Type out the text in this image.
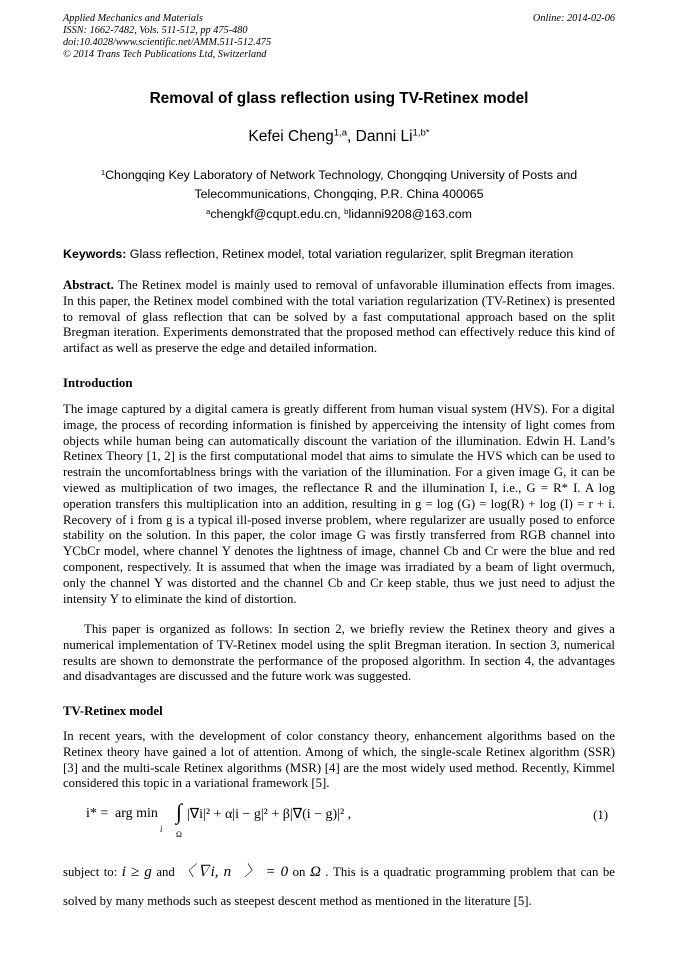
Applied Mechanics and Materials
ISSN: 1662-7482, Vols. 511-512, pp 475-480
doi:10.4028/www.scientific.net/AMM.511-512.475
© 2014 Trans Tech Publications Ltd, Switzerland
Online: 2014-02-06
Removal of glass reflection using TV-Retinex model
Kefei Cheng$^{1,a}$, Danni $Li^{1,b*}$
$^1$Chongqing Key Laboratory of Network Technology, Chongqing University of Posts and
Telecommunications, Chongqing, P.R. China 400065
$^a$chengkf@cqupt.edu.cn, $^b$lidanni9208@163.com
Keywords: Glass reflection, Retinex model, total variation regularizer, split Bregman iteration

Abstract. The Retinex model is mainly used to removal of unfavorable illumination effects from images. In this paper, the Retinex model combined with the total variation regularization (TV-Retinex) is presented to removal of glass reflection that can be solved by a fast computational approach based on the split Bregman iteration. Experiments demonstrated that the proposed method can effectively reduce this kind of artifact as well as preserve the edge and detailed information.

Introduction

The image captured by a digital camera is greatly different from human visual system (HVS). For a digital image, the process of recording information is finished by apperceiving the intensity of light comes from objects while human being can automatically discount the variation of the illumination. Edwin H. Land’s Retinex Theory [1, 2] is the first computational model that aims to simulate the HVS which can be used to restrain the uncomfortablness brings with the variation of the illumination. For a given image G, it can be viewed as multiplication of two images, the reflectance R and the illumination I, i.e., G = R* I. A log operation transfers this multiplication into an addition, resulting in g = log (G) = log(R) + log (I) = r + i. Recovery of i from g is a typical ill-posed inverse problem, where regularizer are usually posed to enforce stability on the solution. In this paper, the color image G was firstly transferred from RGB channel into YCbCr model, where channel Y denotes the lightness of image, channel Cb and Cr were the blue and red component, respectively. It is assumed that when the image was irradiated by a beam of light overmuch, only the channel Y was distorted and the channel Cb and Cr keep stable, thus we just need to adjust the intensity Y to eliminate the kind of distortion.

This paper is organized as follows: In section 2, we briefly review the Retinex theory and gives a numerical implementation of TV-Retinex model using the split Bregman iteration. In section 3, numerical results are shown to demonstrate the performance of the proposed algorithm. In section 4, the advantages and disadvantages are discussed and the future work was suggested.

TV-Retinex model

In recent years, with the development of color constancy theory, enhancement algorithms based on the Retinex theory have gained a lot of attention. Among of which, the single-scale Retinex algorithm (SSR) [3] and the multi-scale Retinex algorithms (MSR) [4] are the most widely used method. Recently, Kimmel considered this topic in a variational framework [5].

i* = arg min
i
∫
Ω
|∇i|² + α|i − g|² + β|∇(i − g)|² ,	(1)
subject to: i ≥ g and 〈∇i, n⃗〉 = 0 on Ω . This is a quadratic programming problem that can be solved by many methods such as steepest descent method as mentioned in the literature [5].
